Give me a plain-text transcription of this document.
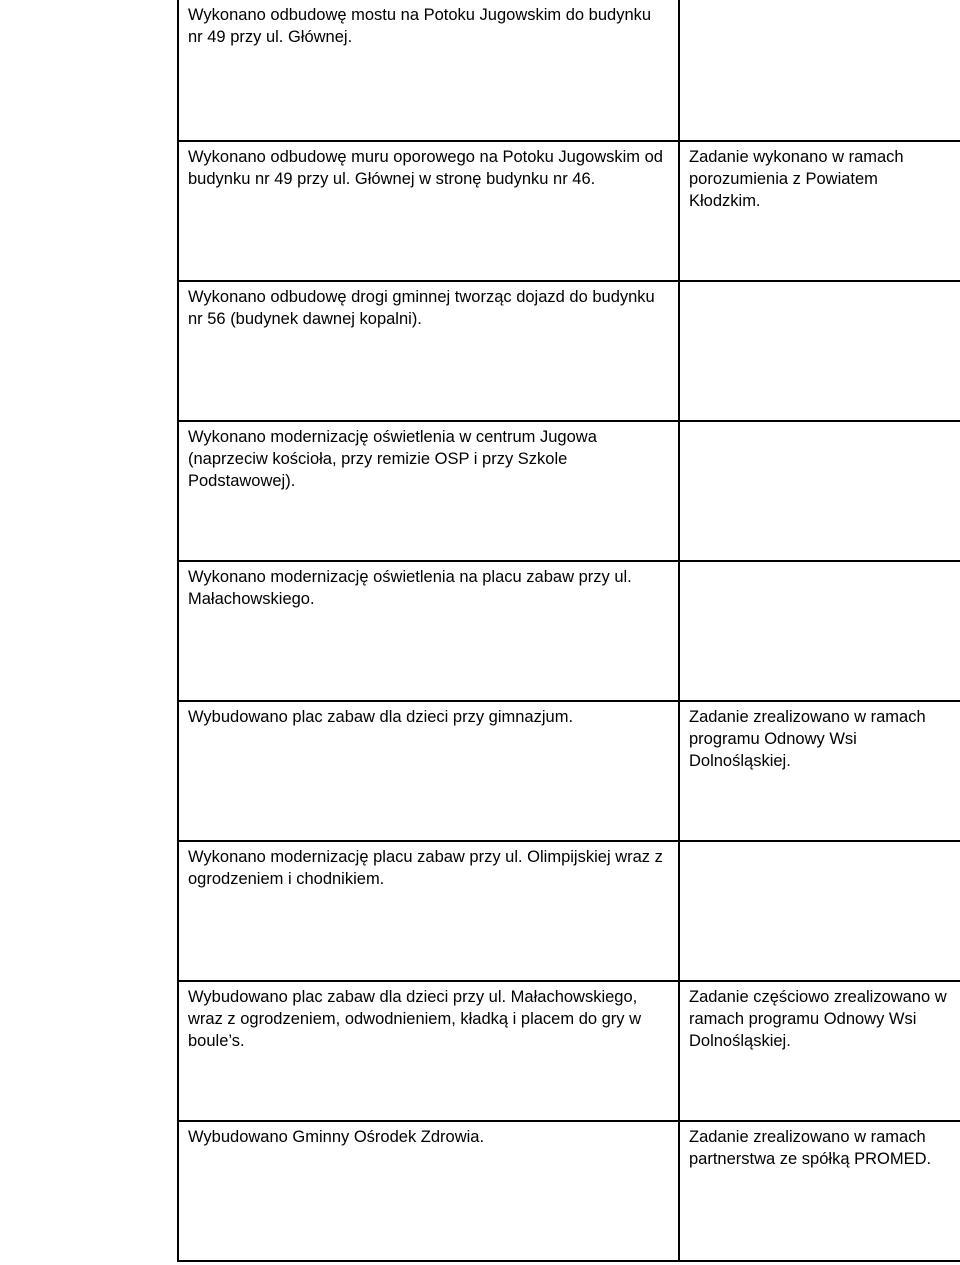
Wykonano odbudowę mostu na Potoku Jugowskim do budynku nr 49 przy ul. Głównej.	

Wykonano odbudowę muru oporowego na Potoku Jugowskim od budynku nr 49 przy ul. Głównej w stronę budynku nr 46.	Zadanie wykonano w ramach porozumienia z Powiatem Kłodzkim.

Wykonano odbudowę drogi gminnej tworząc dojazd do budynku nr 56 (budynek dawnej kopalni).	

Wykonano modernizację oświetlenia w centrum Jugowa (naprzeciw kościoła, przy remizie OSP i przy Szkole Podstawowej).	

Wykonano modernizację oświetlenia na placu zabaw przy ul. Małachowskiego.	

Wybudowano plac zabaw dla dzieci przy gimnazjum.	Zadanie zrealizowano w ramach programu Odnowy Wsi Dolnośląskiej.

Wykonano modernizację placu zabaw przy ul. Olimpijskiej wraz z ogrodzeniem i chodnikiem.	

Wybudowano plac zabaw dla dzieci przy ul. Małachowskiego, wraz z ogrodzeniem, odwodnieniem, kładką i placem do gry w boule’s.	Zadanie częściowo zrealizowano w ramach programu Odnowy Wsi Dolnośląskiej.

Wybudowano Gminny Ośrodek Zdrowia.	Zadanie zrealizowano w ramach partnerstwa ze spółką PROMED.
